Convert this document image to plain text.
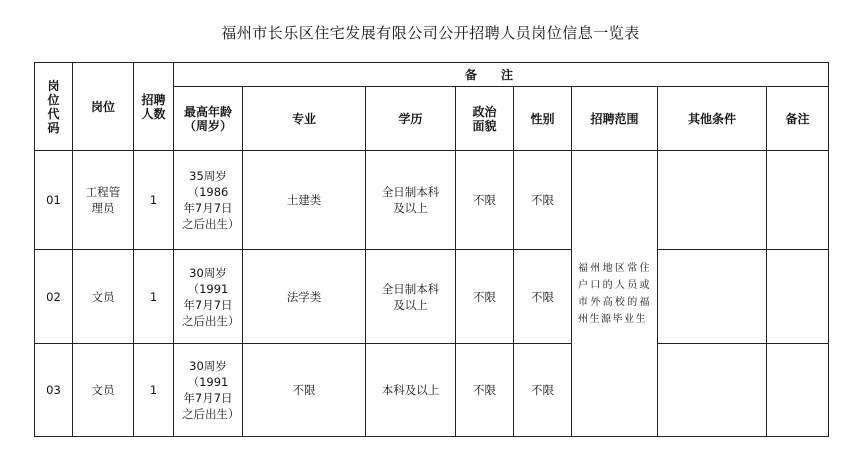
福州市长乐区住宅发展有限公司公开招聘人员岗位信息一览表
岗位代码	岗位	招聘人数	备注							
			最高年龄（周岁）	专业	学历	政治面貌	性别	招聘范围	其他条件	备注
01	工程管理员	1	35周岁（1986年7月7日之后出生）	土建类	全日制本科及以上	不限	不限	福州地区常住户口的人员或市外高校的福州生源毕业生		
02	文员	1	30周岁（1991年7月7日之后出生）	法学类	全日制本科及以上	不限	不限			
03	文员	1	30周岁（1991年7月7日之后出生）	不限	本科及以上	不限	不限			
